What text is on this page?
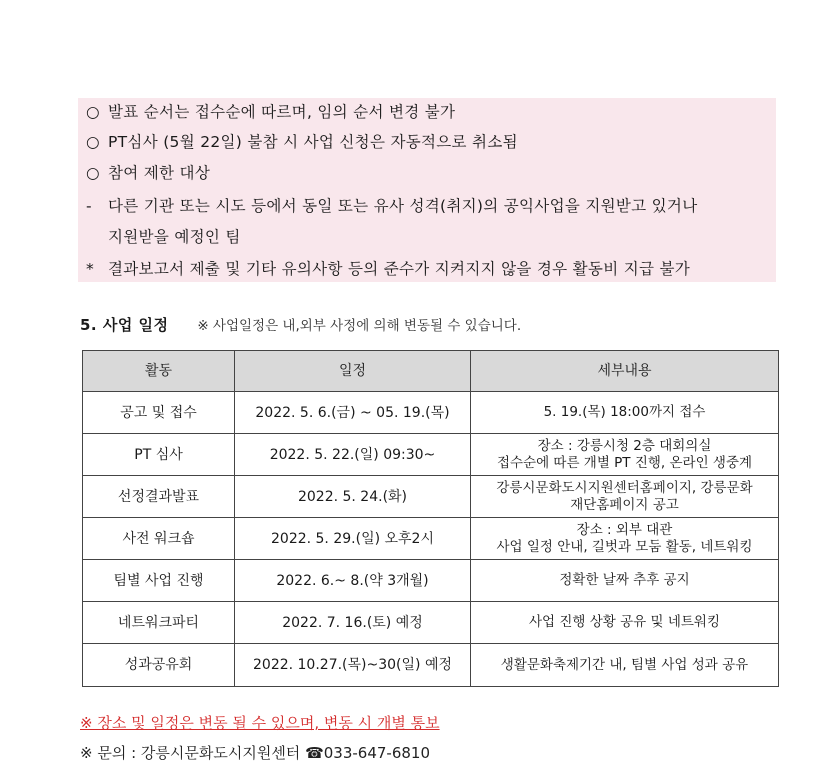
○ 발표 순서는 접수순에 따르며, 임의 순서 변경 불가
○ PT심사 (5월 22일) 불참 시 사업 신청은 자동적으로 취소됨
○ 참여 제한 대상
- 다른 기관 또는 시도 등에서 동일 또는 유사 성격(취지)의 공익사업을 지원받고 있거나
지원받을 예정인 팀
* 결과보고서 제출 및 기타 유의사항 등의 준수가 지켜지지 않을 경우 활동비 지급 불가
5. 사업 일정 ※ 사업일정은 내,외부 사정에 의해 변동될 수 있습니다.
활동	일정	세부내용
공고 및 접수	2022. 5. 6.(금) ~ 05. 19.(목)	5. 19.(목) 18:00까지 접수

PT 심사	2022. 5. 22.(일) 09:30~	장소 : 강릉시청 2층 대회의실
접수순에 따른 개별 PT 진행, 온라인 생중계

선정결과발표	2022. 5. 24.(화)	강릉시문화도시지원센터홈페이지, 강릉문화
재단홈페이지 공고

사전 워크숍	2022. 5. 29.(일) 오후2시	장소 : 외부 대관
사업 일정 안내, 길벗과 모둠 활동, 네트워킹

팀별 사업 진행	2022. 6.~ 8.(약 3개월)	정확한 날짜 추후 공지

네트워크파티	2022. 7. 16.(토) 예정	사업 진행 상황 공유 및 네트워킹

성과공유회	2022. 10.27.(목)~30(일) 예정	생활문화축제기간 내, 팀별 사업 성과 공유
※ 장소 및 일정은 변동 될 수 있으며, 변동 시 개별 통보
※ 문의 : 강릉시문화도시지원센터 ☎033-647-6810
